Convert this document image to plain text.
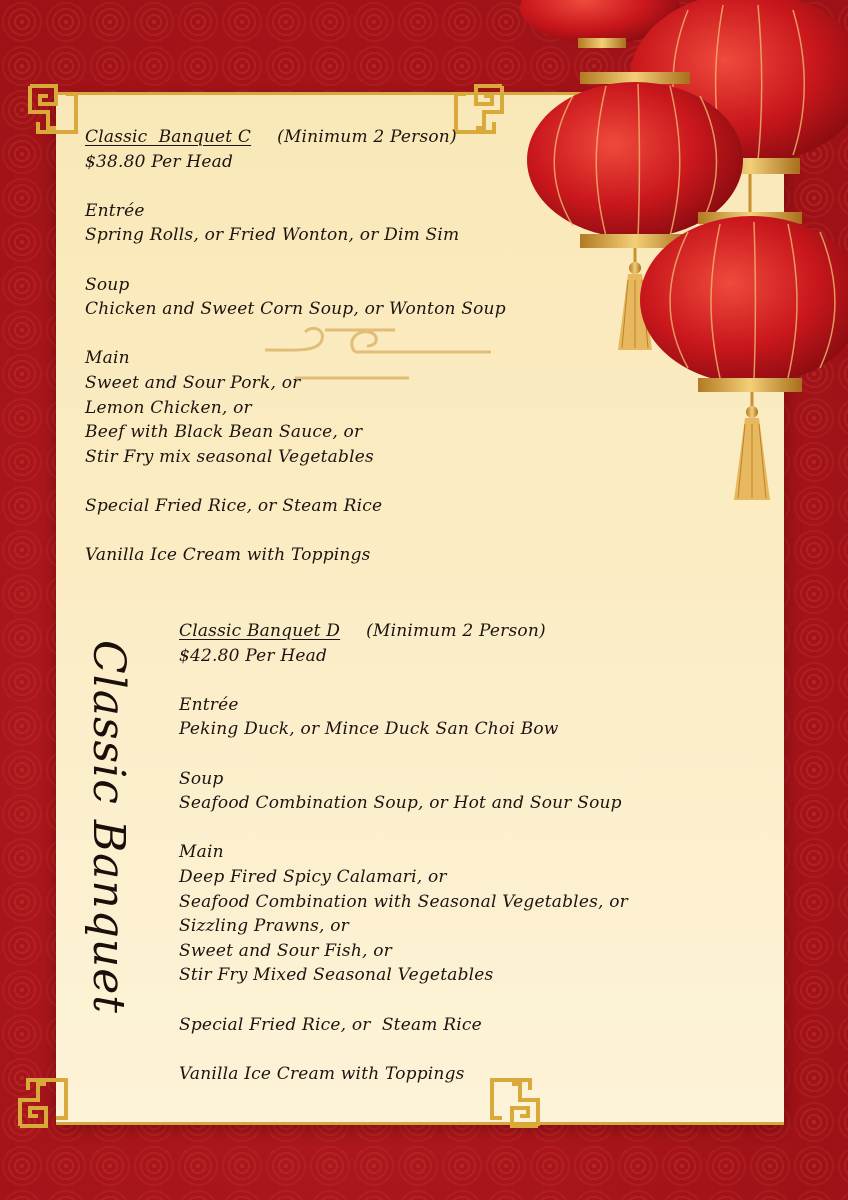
Classic  Banquet C (Minimum 2 Person)
$38.80 Per Head
Entrée
Spring Rolls, or Fried Wonton, or Dim Sim
Soup
Chicken and Sweet Corn Soup, or Wonton Soup
Main
Sweet and Sour Pork, or
Lemon Chicken, or
Beef with Black Bean Sauce, or
Stir Fry mix seasonal Vegetables
Special Fried Rice, or Steam Rice
Vanilla Ice Cream with Toppings
Classic Banquet D (Minimum 2 Person)
$42.80 Per Head
Entrée
Peking Duck, or Mince Duck San Choi Bow
Soup
Seafood Combination Soup, or Hot and Sour Soup
Main
Deep Fired Spicy Calamari, or
Seafood Combination with Seasonal Vegetables, or
Sizzling Prawns, or
Sweet and Sour Fish, or
Stir Fry Mixed Seasonal Vegetables
Special Fried Rice, or  Steam Rice
Vanilla Ice Cream with Toppings
Classic Banquet
